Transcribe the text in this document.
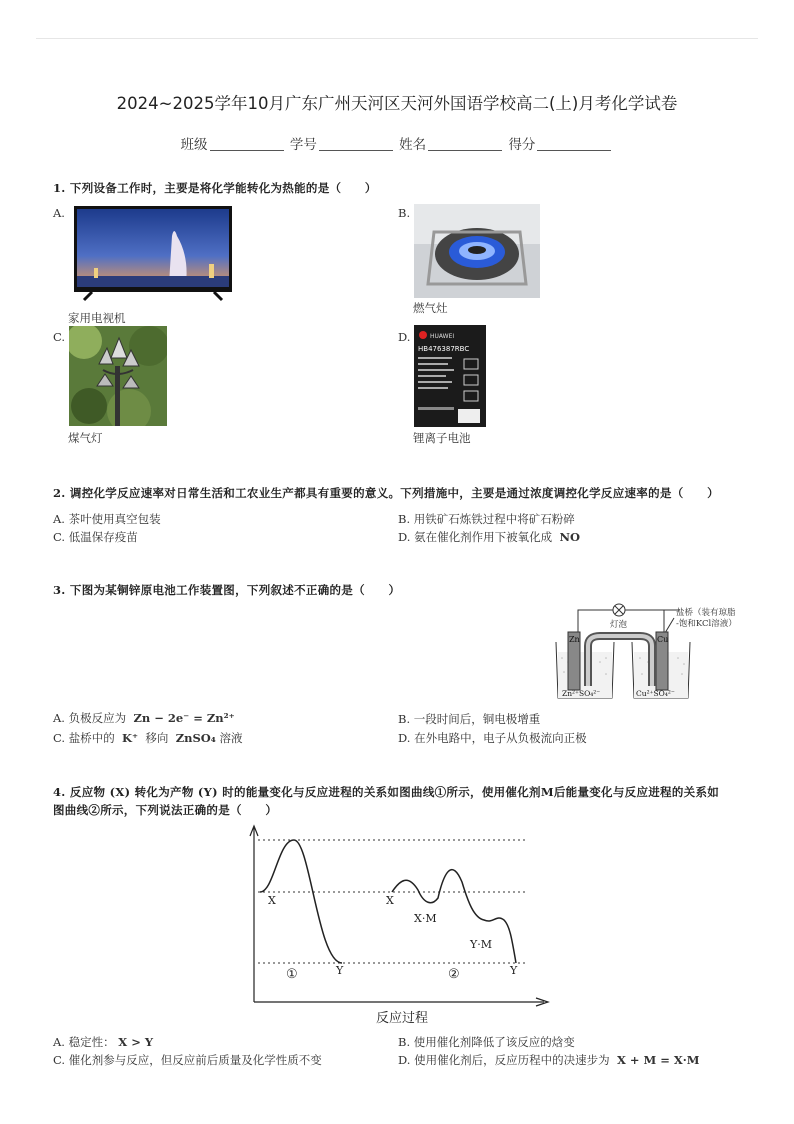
2024~2025学年10月广东广州天河区天河外国语学校高二(上)月考化学试卷
班级	学号	姓名	得分
1. 下列设备工作时，主要是将化学能转化为热能的是（　　）
A.
家用电视机
B.
燃气灶
C.
煤气灯
D.	HUAWEI
HB476387RBC
锂离子电池
2. 调控化学反应速率对日常生活和工农业生产都具有重要的意义。下列措施中，主要是通过浓度调控化学反应速率的是（　　）
A. 茶叶使用真空包装	B. 用铁矿石炼铁过程中将矿石粉碎
C. 低温保存疫苗	D. 氨在催化剂作用下被氧化成 NO
3. 下图为某铜锌原电池工作装置图，下列叙述不正确的是（　　）
灯泡
盐桥（装有琼脂
-饱和KCl溶液）
Zn	Cu
Zn²⁺SO₄²⁻	Cu²⁺SO₄²⁻
A. 负极反应为 Zn − 2e⁻ = Zn²⁺	B. 一段时间后，铜电极增重
C. 盐桥中的 K⁺ 移向 ZnSO₄ 溶液	D. 在外电路中，电子从负极流向正极
4. 反应物 (X) 转化为产物 (Y) 时的能量变化与反应进程的关系如图曲线①所示，使用催化剂M后能量变化与反应进程的关系如
图曲线②所示，下列说法正确的是（　　）
X
Y
X
X·M
Y·M
Y
①	②
反应过程
A. 稳定性： X > Y	B. 使用催化剂降低了该反应的焓变
C. 催化剂参与反应，但反应前后质量及化学性质不变	D. 使用催化剂后，反应历程中的决速步为 X + M = X·M
